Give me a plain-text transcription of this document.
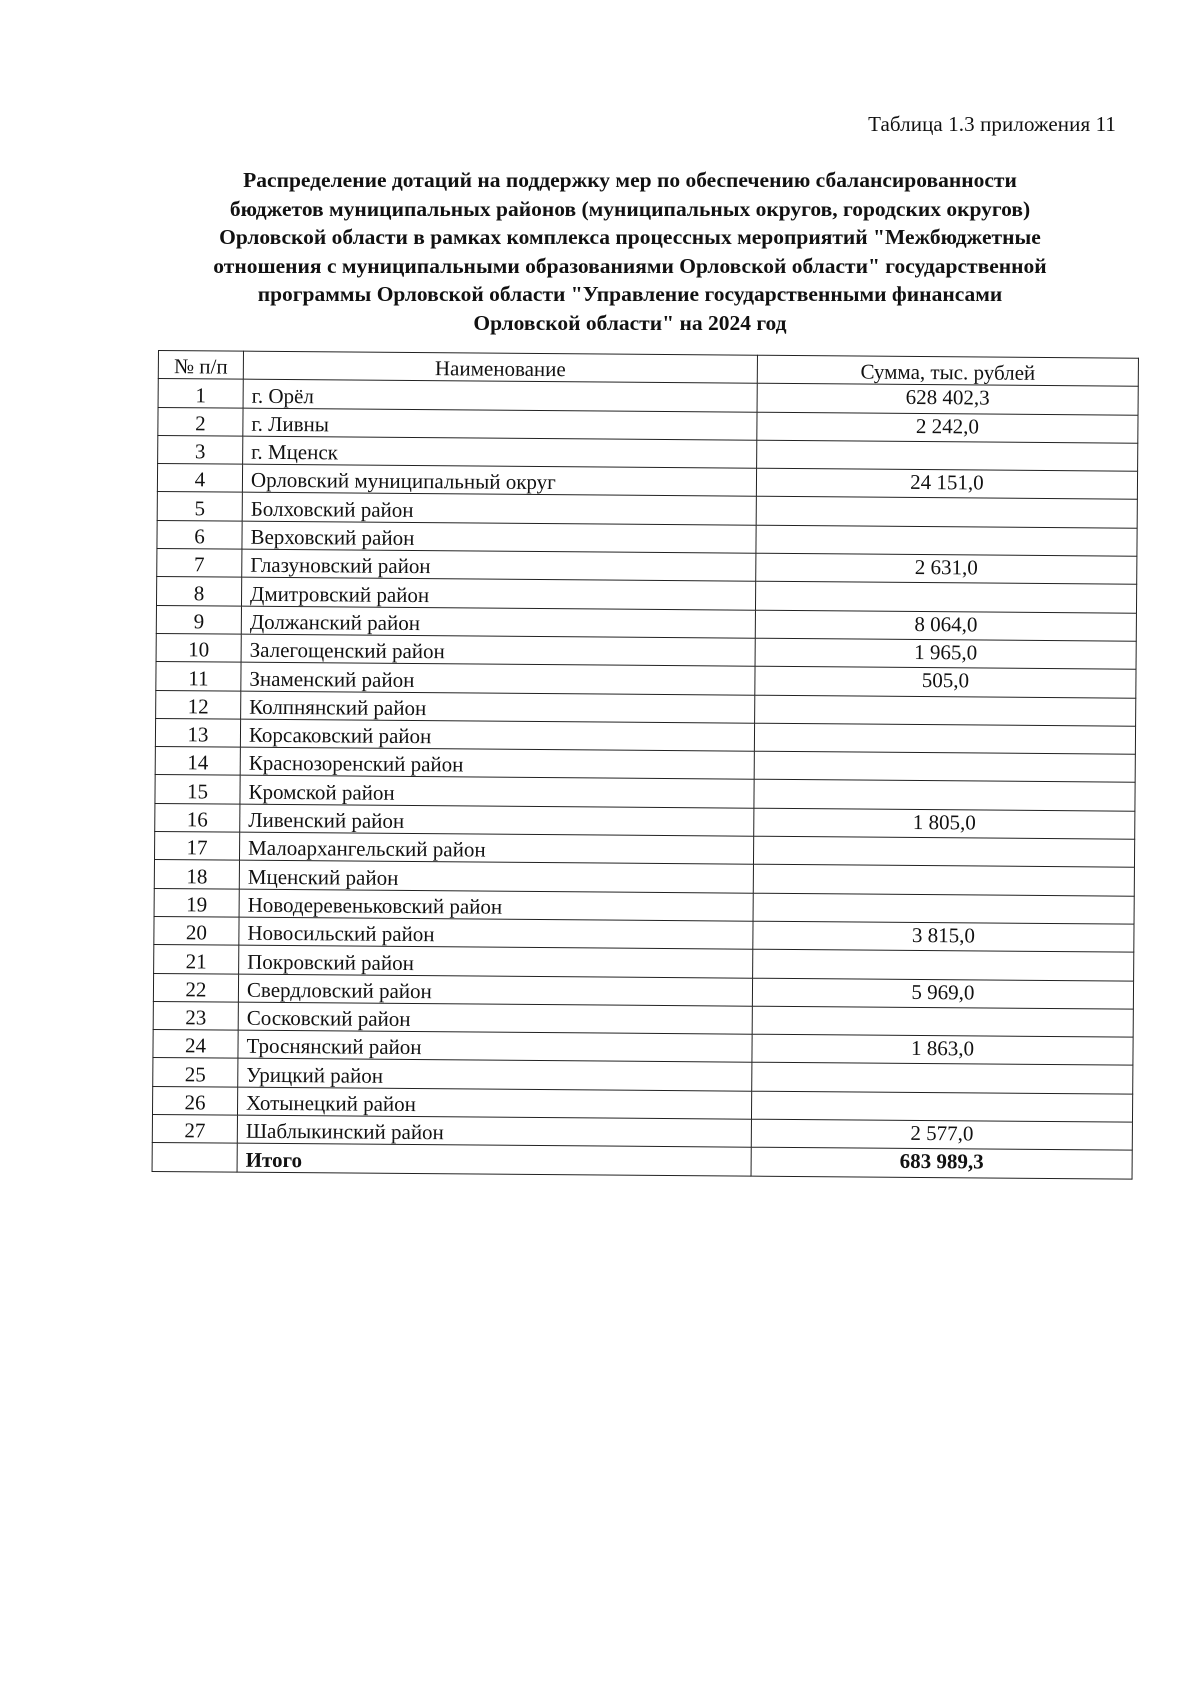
Таблица 1.3 приложения 11
Распределение дотаций на поддержку мер по обеспечению сбалансированности
бюджетов муниципальных районов (муниципальных округов, городских округов)
Орловской области в рамках комплекса процессных мероприятий "Межбюджетные
отношения с муниципальными образованиями Орловской области" государственной
программы Орловской области "Управление государственными финансами
Орловской области" на 2024 год
№ п/п	Наименование	Сумма, тыс. рублей
1	г. Орёл	628 402,3
2	г. Ливны	2 242,0
3	г. Мценск	
4	Орловский муниципальный округ	24 151,0
5	Болховский район	
6	Верховский район	
7	Глазуновский район	2 631,0
8	Дмитровский район	
9	Должанский район	8 064,0
10	Залегощенский район	1 965,0
11	Знаменский район	505,0
12	Колпнянский район	
13	Корсаковский район	
14	Краснозоренский район	
15	Кромской район	
16	Ливенский район	1 805,0
17	Малоархангельский район	
18	Мценский район	
19	Новодеревеньковский район	
20	Новосильский район	3 815,0
21	Покровский район	
22	Свердловский район	5 969,0
23	Сосковский район	
24	Троснянский район	1 863,0
25	Урицкий район	
26	Хотынецкий район	
27	Шаблыкинский район	2 577,0
	Итого	683 989,3
